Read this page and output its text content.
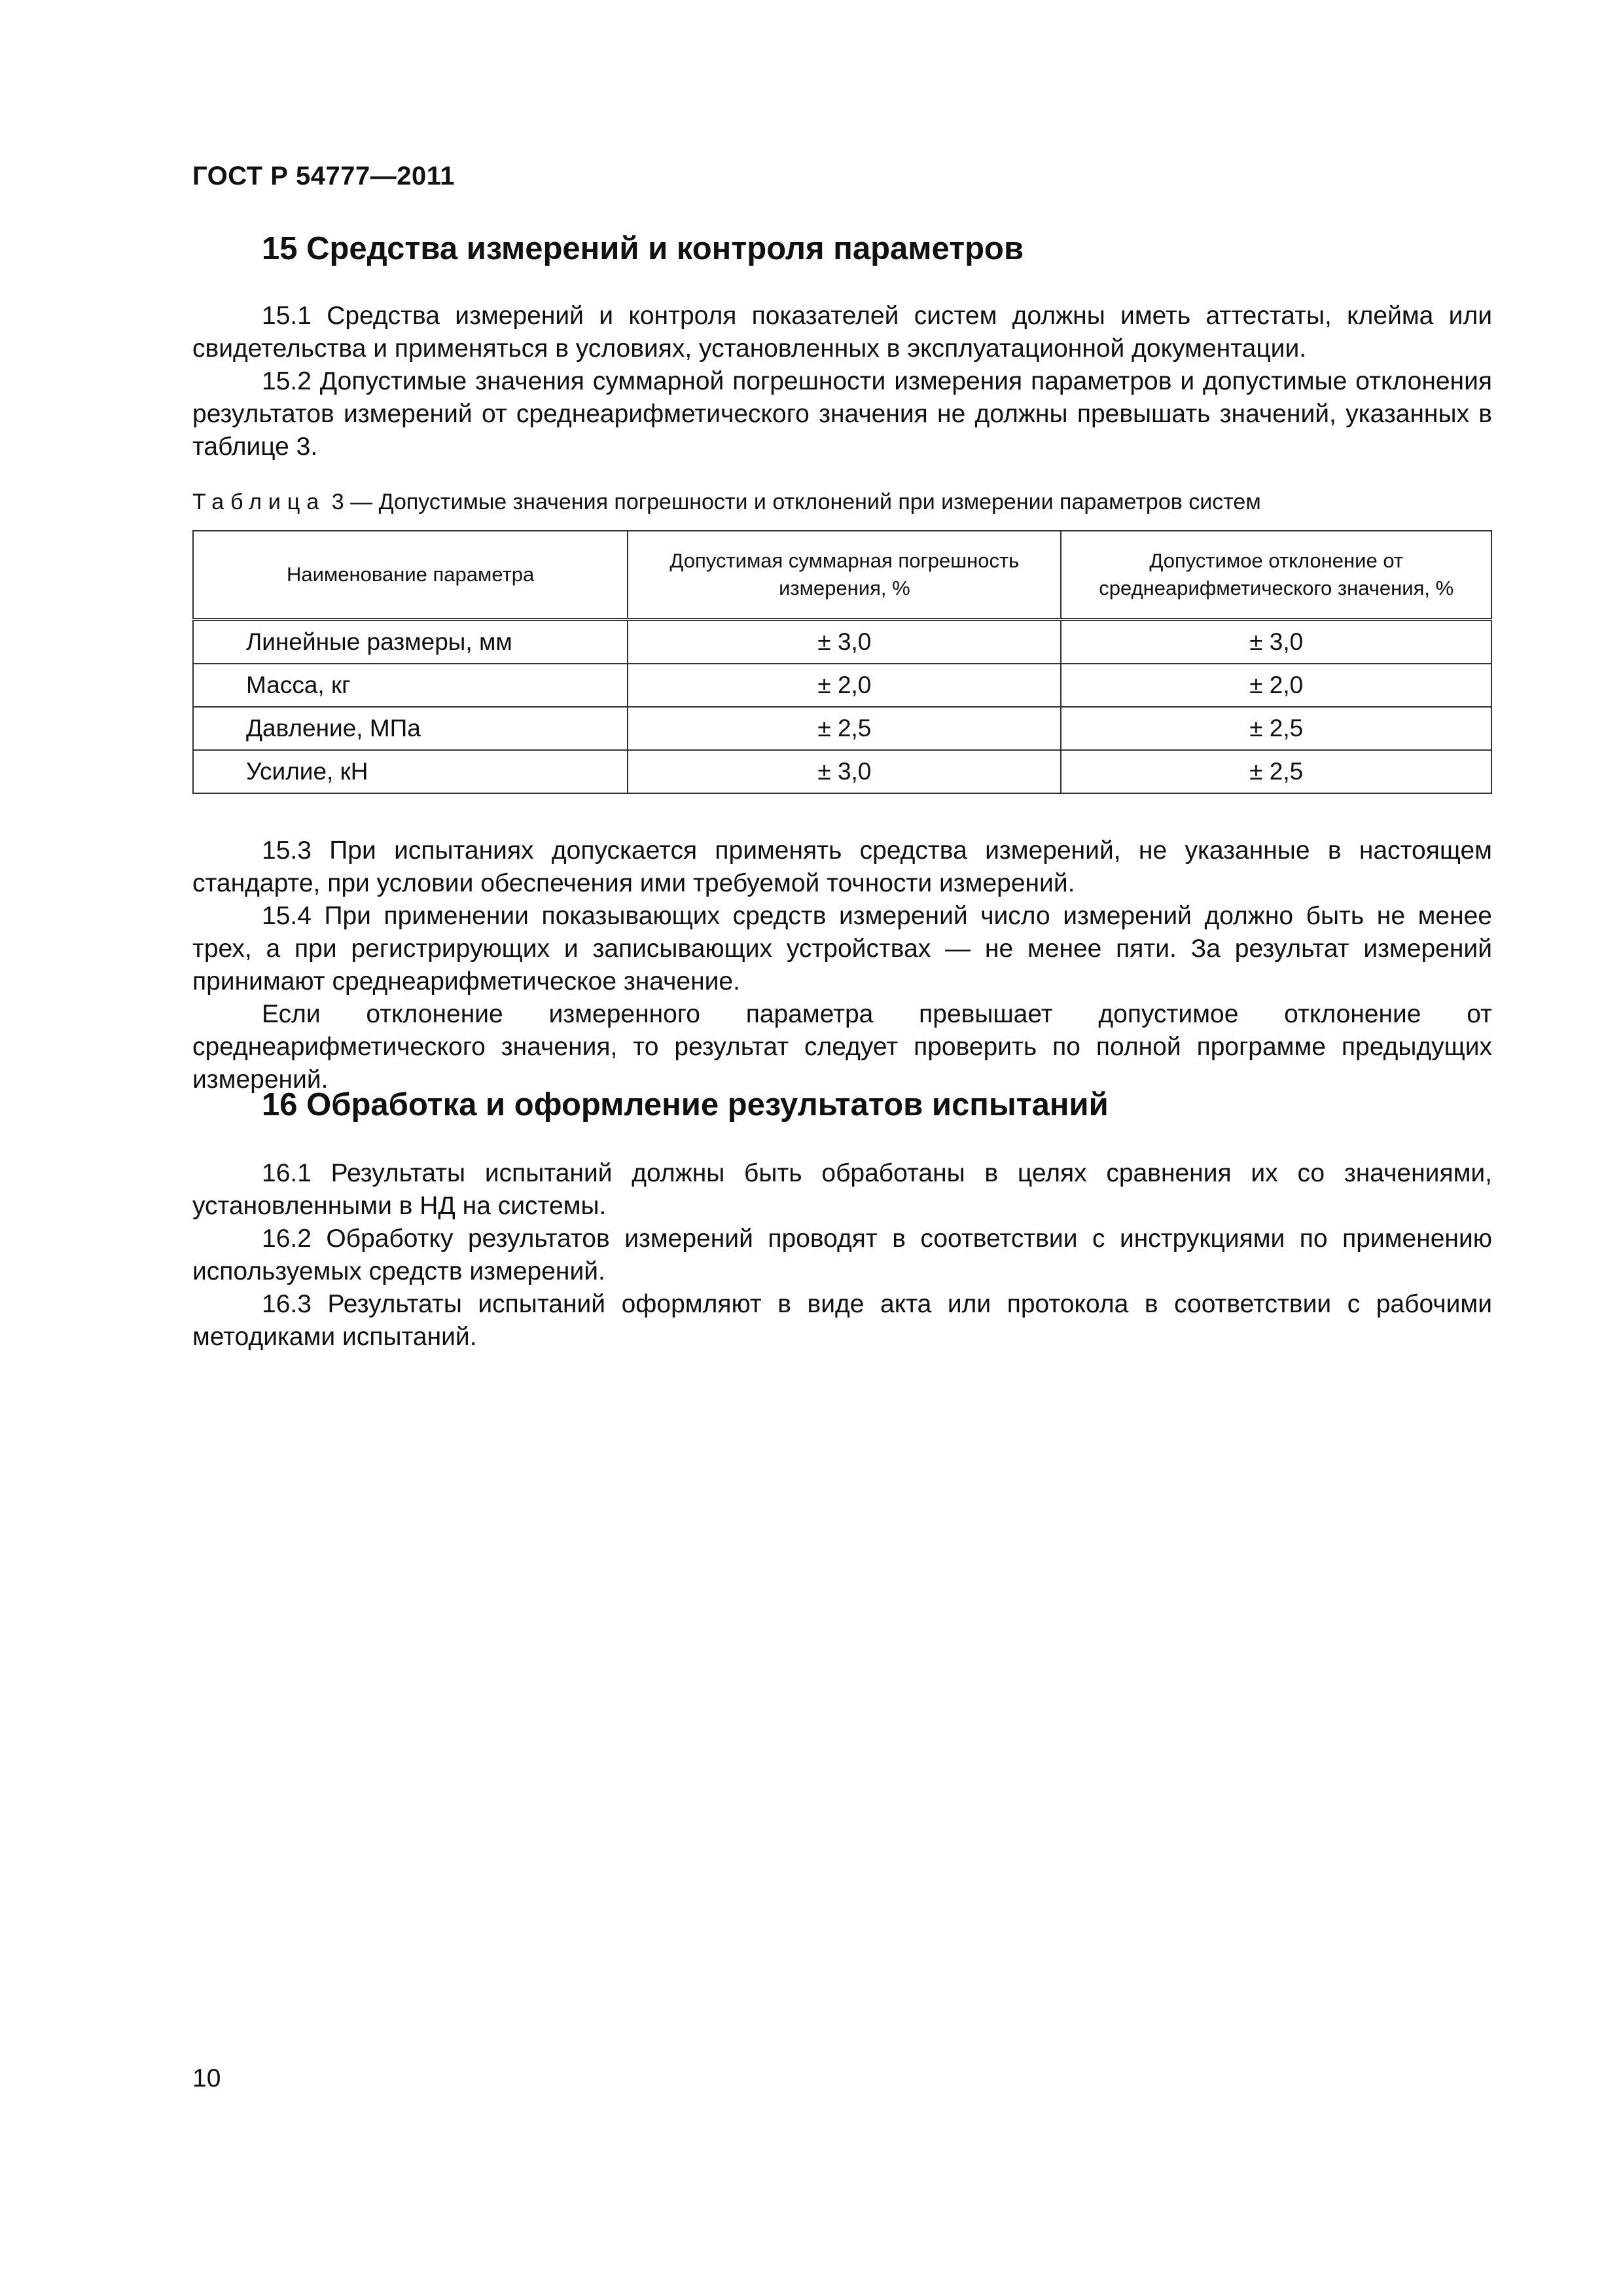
ГОСТ Р 54777—2011
15 Средства измерений и контроля параметров

15.1 Средства измерений и контроля показателей систем должны иметь аттестаты, клейма или свидетельства и применяться в условиях, установленных в эксплуатационной документации.

15.2 Допустимые значения суммарной погрешности измерения параметров и допустимые отклонения результатов измерений от среднеарифметического значения не должны превышать значений, указанных в таблице 3.

Таблица 3 — Допустимые значения погрешности и отклонений при измерении параметров систем
Наименование параметра	Допустимая суммарная погрешность измерения, %	Допустимое отклонение от среднеарифметического значения, %
Линейные размеры, мм	± 3,0	± 3,0
Масса, кг	± 2,0	± 2,0
Давление, МПа	± 2,5	± 2,5
Усилие, кН	± 3,0	± 2,5

15.3 При испытаниях допускается применять средства измерений, не указанные в настоящем стандарте, при условии обеспечения ими требуемой точности измерений.

15.4 При применении показывающих средств измерений число измерений должно быть не менее трех, а при регистрирующих и записывающих устройствах — не менее пяти. За результат измерений принимают среднеарифметическое значение.

Если отклонение измеренного параметра превышает допустимое отклонение от среднеарифметического значения, то результат следует проверить по полной программе предыдущих измерений.

16 Обработка и оформление результатов испытаний

16.1 Результаты испытаний должны быть обработаны в целях сравнения их со значениями, установленными в НД на системы.

16.2 Обработку результатов измерений проводят в соответствии с инструкциями по применению используемых средств измерений.

16.3 Результаты испытаний оформляют в виде акта или протокола в соответствии с рабочими методиками испытаний.

10
